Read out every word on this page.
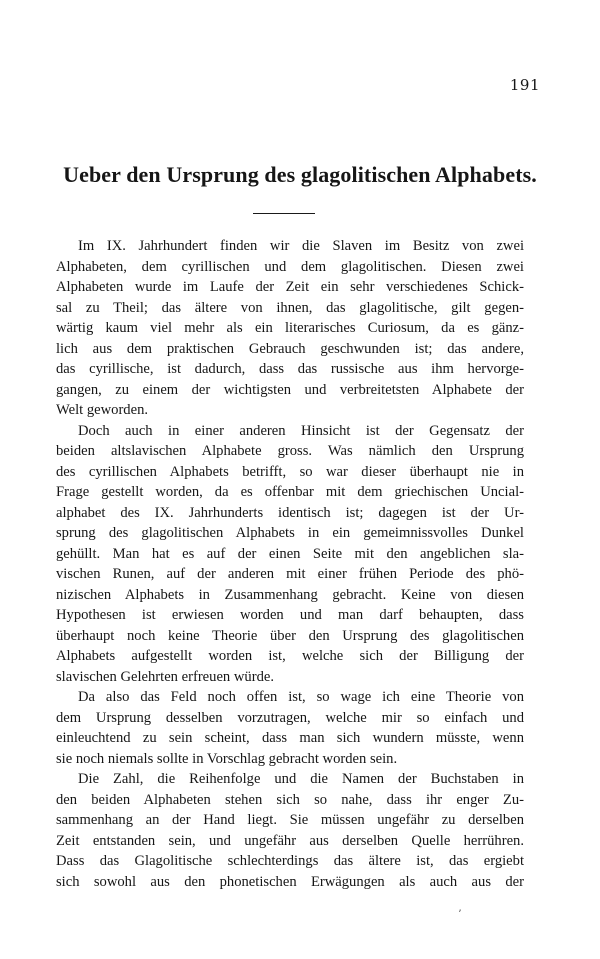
191
Ueber den Ursprung des glagolitischen Alphabets.
Im IX. Jahrhundert finden wir die Slaven im Besitz von zwei
Alphabeten, dem cyrillischen und dem glagolitischen. Diesen zwei
Alphabeten wurde im Laufe der Zeit ein sehr verschiedenes Schick-
sal zu Theil; das ältere von ihnen, das glagolitische, gilt gegen-
wärtig kaum viel mehr als ein literarisches Curiosum, da es gänz-
lich aus dem praktischen Gebrauch geschwunden ist; das andere,
das cyrillische, ist dadurch, dass das russische aus ihm hervorge-
gangen, zu einem der wichtigsten und verbreitetsten Alphabete der
Welt geworden.
Doch auch in einer anderen Hinsicht ist der Gegensatz der
beiden altslavischen Alphabete gross. Was nämlich den Ursprung
des cyrillischen Alphabets betrifft, so war dieser überhaupt nie in
Frage gestellt worden, da es offenbar mit dem griechischen Uncial-
alphabet des IX. Jahrhunderts identisch ist; dagegen ist der Ur-
sprung des glagolitischen Alphabets in ein gemeimnissvolles Dunkel
gehüllt. Man hat es auf der einen Seite mit den angeblichen sla-
vischen Runen, auf der anderen mit einer frühen Periode des phö-
nizischen Alphabets in Zusammenhang gebracht. Keine von diesen
Hypothesen ist erwiesen worden und man darf behaupten, dass
überhaupt noch keine Theorie über den Ursprung des glagolitischen
Alphabets aufgestellt worden ist, welche sich der Billigung der
slavischen Gelehrten erfreuen würde.
Da also das Feld noch offen ist, so wage ich eine Theorie von
dem Ursprung desselben vorzutragen, welche mir so einfach und
einleuchtend zu sein scheint, dass man sich wundern müsste, wenn
sie noch niemals sollte in Vorschlag gebracht worden sein.
Die Zahl, die Reihenfolge und die Namen der Buchstaben in
den beiden Alphabeten stehen sich so nahe, dass ihr enger Zu-
sammenhang an der Hand liegt. Sie müssen ungefähr zu derselben
Zeit entstanden sein, und ungefähr aus derselben Quelle herrühren.
Dass das Glagolitische schlechterdings das ältere ist, das ergiebt
sich sowohl aus den phonetischen Erwägungen als auch aus der
ʼ
